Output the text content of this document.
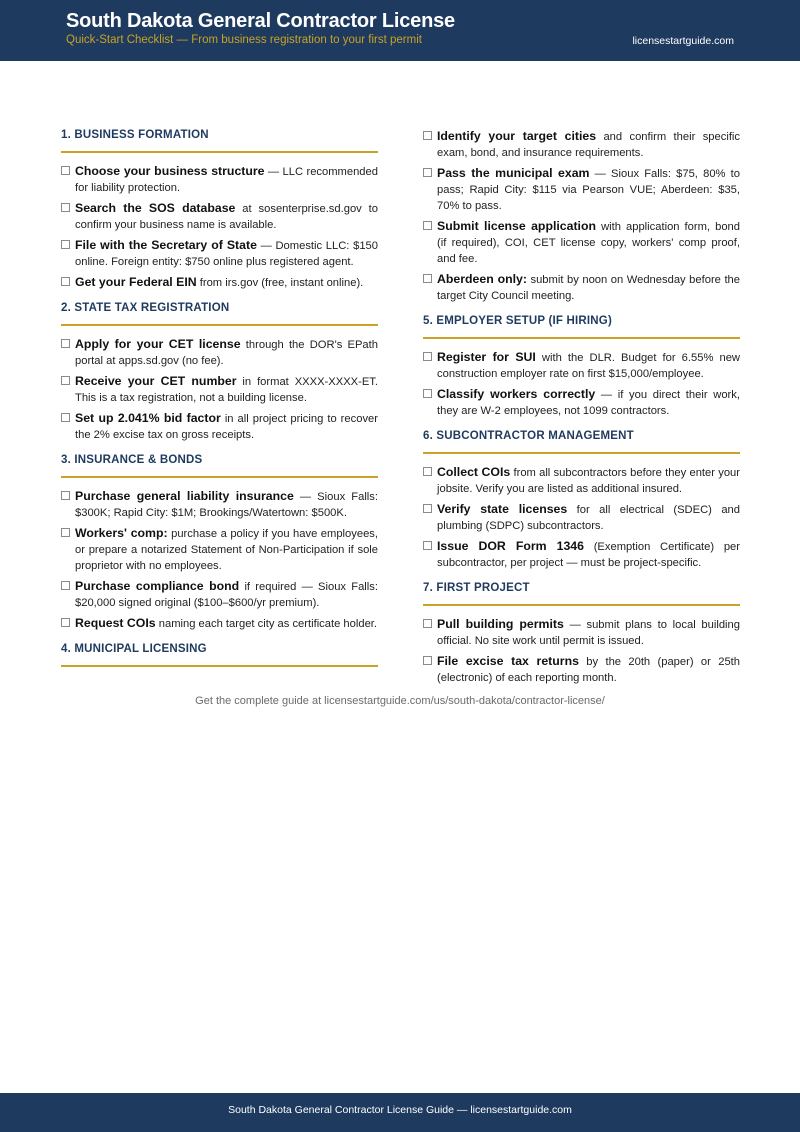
South Dakota General Contractor License
Quick-Start Checklist — From business registration to your first permit	licensestartguide.com
1. BUSINESS FORMATION
Choose your business structure — LLC recommended for liability protection.
Search the SOS database at sosenterprise.sd.gov to confirm your business name is available.
File with the Secretary of State — Domestic LLC: $150 online. Foreign entity: $750 online plus registered agent.
Get your Federal EIN from irs.gov (free, instant online).
2. STATE TAX REGISTRATION
Apply for your CET license through the DOR's EPath portal at apps.sd.gov (no fee).
Receive your CET number in format XXXX-XXXX-ET. This is a tax registration, not a building license.
Set up 2.041% bid factor in all project pricing to recover the 2% excise tax on gross receipts.
3. INSURANCE & BONDS
Purchase general liability insurance — Sioux Falls: $300K; Rapid City: $1M; Brookings/Watertown: $500K.
Workers' comp: purchase a policy if you have employees, or prepare a notarized Statement of Non-Participation if sole proprietor with no employees.
Purchase compliance bond if required — Sioux Falls: $20,000 signed original ($100–$600/yr premium).
Request COIs naming each target city as certificate holder.
4. MUNICIPAL LICENSING
Identify your target cities and confirm their specific exam, bond, and insurance requirements.
Pass the municipal exam — Sioux Falls: $75, 80% to pass; Rapid City: $115 via Pearson VUE; Aberdeen: $35, 70% to pass.
Submit license application with application form, bond (if required), COI, CET license copy, workers' comp proof, and fee.
Aberdeen only: submit by noon on Wednesday before the target City Council meeting.
5. EMPLOYER SETUP (IF HIRING)
Register for SUI with the DLR. Budget for 6.55% new construction employer rate on first $15,000/employee.
Classify workers correctly — if you direct their work, they are W-2 employees, not 1099 contractors.
6. SUBCONTRACTOR MANAGEMENT
Collect COIs from all subcontractors before they enter your jobsite. Verify you are listed as additional insured.
Verify state licenses for all electrical (SDEC) and plumbing (SDPC) subcontractors.
Issue DOR Form 1346 (Exemption Certificate) per subcontractor, per project — must be project-specific.
7. FIRST PROJECT
Pull building permits — submit plans to local building official. No site work until permit is issued.
File excise tax returns by the 20th (paper) or 25th (electronic) of each reporting month.
Get the complete guide at licensestartguide.com/us/south-dakota/contractor-license/
South Dakota General Contractor License Guide — licensestartguide.com
